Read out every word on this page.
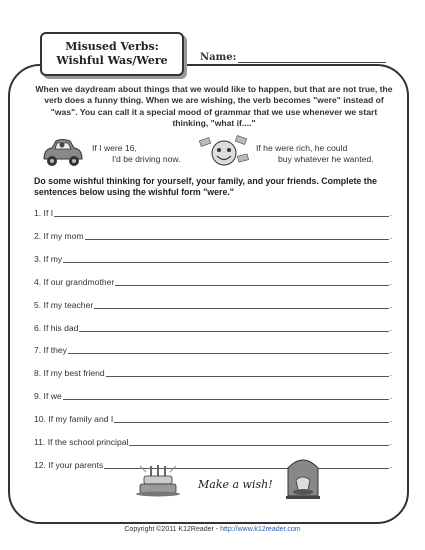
Misused Verbs:
Wishful Was/Were	Name:
When we daydream about things that we would like to happen, but that are not true, the verb does a funny thing. When we are wishing, the verb becomes "were" instead of "was". You can call it a special mood of grammar that we use whenever we start thinking, "what if...."
If I were 16,
I'd be driving now.
If he were rich, he could
buy whatever he wanted.
Do some wishful thinking for yourself, your family, and your friends. Complete the sentences below using the wishful form "were."
1. If I	.
2. If my mom	.
3. If my	.
4. If our grandmother	.
5. If my teacher	.
6. If his dad	.
7. If they	.
8. If my best friend	.
9. If we	.
10. If my family and I	.
11. If the school principal	.
12. If your parents	.
Make a wish!
Copyright ©2011 K12Reader - http://www.k12reader.com
